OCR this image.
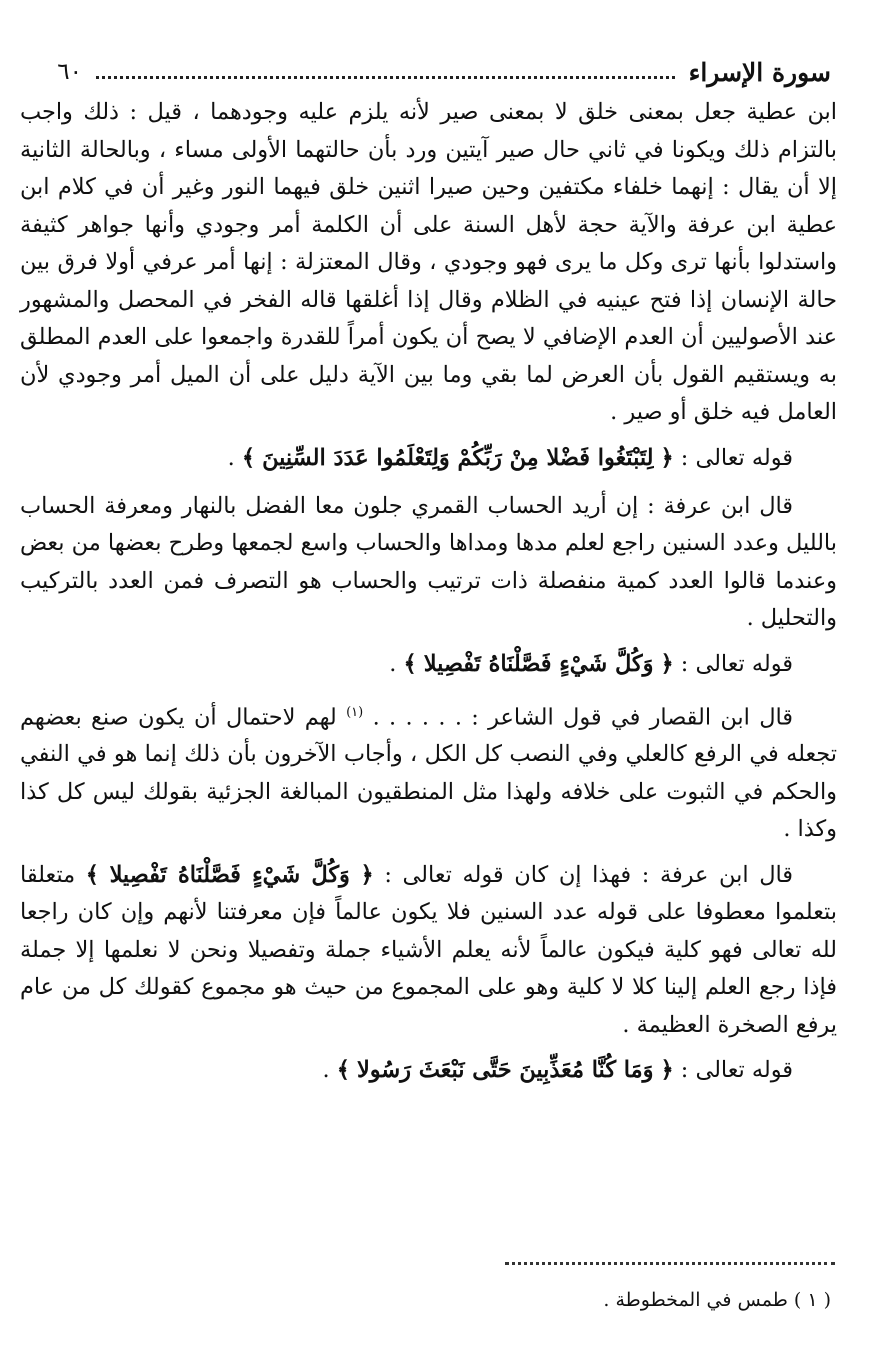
سورة الإسراء
٦٠

ابن عطية جعل بمعنى خلق لا بمعنى صير لأنه يلزم عليه وجودهما ، قيل : ذلك واجب بالتزام ذلك ويكونا في ثاني حال صير آيتين ورد بأن حالتهما الأولى مساء ، وبالحالة الثانية إلا أن يقال : إنهما خلفاء مكتفين وحين صيرا اثنين خلق فيهما النور وغير أن في كلام ابن عطية ابن عرفة والآية حجة لأهل السنة على أن الكلمة أمر وجودي وأنها جواهر كثيفة واستدلوا بأنها ترى وكل ما يرى فهو وجودي ، وقال المعتزلة : إنها أمر عرفي أولا فرق بين حالة الإنسان إذا فتح عينيه في الظلام وقال إذا أغلقها قاله الفخر في المحصل والمشهور عند الأصوليين أن العدم الإضافي لا يصح أن يكون أمراً للقدرة واجمعوا على العدم المطلق به ويستقيم القول بأن العرض لما بقي وما بين الآية دليل على أن الميل أمر وجودي لأن العامل فيه خلق أو صير .

قوله تعالى : ﴿ لِتَبْتَغُوا فَضْلا مِنْ رَبِّكُمْ وَلِتَعْلَمُوا عَدَدَ السِّنِينَ ﴾ .

قال ابن عرفة : إن أريد الحساب القمري جلون معا الفضل بالنهار ومعرفة الحساب بالليل وعدد السنين راجع لعلم مدها ومداها والحساب واسع لجمعها وطرح بعضها من بعض وعندما قالوا العدد كمية منفصلة ذات ترتيب والحساب هو التصرف فمن العدد بالتركيب والتحليل .

قوله تعالى : ﴿ وَكُلَّ شَيْءٍ فَصَّلْنَاهُ تَفْصِيلا ﴾ .

قال ابن القصار في قول الشاعر : . . . . . . $^{(١)}$ لهم لاحتمال أن يكون صنع بعضهم تجعله في الرفع كالعلي وفي النصب كل الكل ، وأجاب الآخرون بأن ذلك إنما هو في النفي والحكم في الثبوت على خلافه ولهذا مثل المنطقيون المبالغة الجزئية بقولك ليس كل كذا وكذا .

قال ابن عرفة : فهذا إن كان قوله تعالى : ﴿ وَكُلَّ شَيْءٍ فَصَّلْنَاهُ تَفْصِيلا ﴾ متعلقا بتعلموا معطوفا على قوله عدد السنين فلا يكون عالماً فإن معرفتنا لأنهم وإن كان راجعا لله تعالى فهو كلية فيكون عالماً لأنه يعلم الأشياء جملة وتفصيلا ونحن لا نعلمها إلا جملة فإذا رجع العلم إلينا كلا لا كلية وهو على المجموع من حيث هو مجموع كقولك كل من عام يرفع الصخرة العظيمة .

قوله تعالى : ﴿ وَمَا كُنَّا مُعَذِّبِينَ حَتَّى نَبْعَثَ رَسُولا ﴾ .

( ١ ) طمس في المخطوطة .
